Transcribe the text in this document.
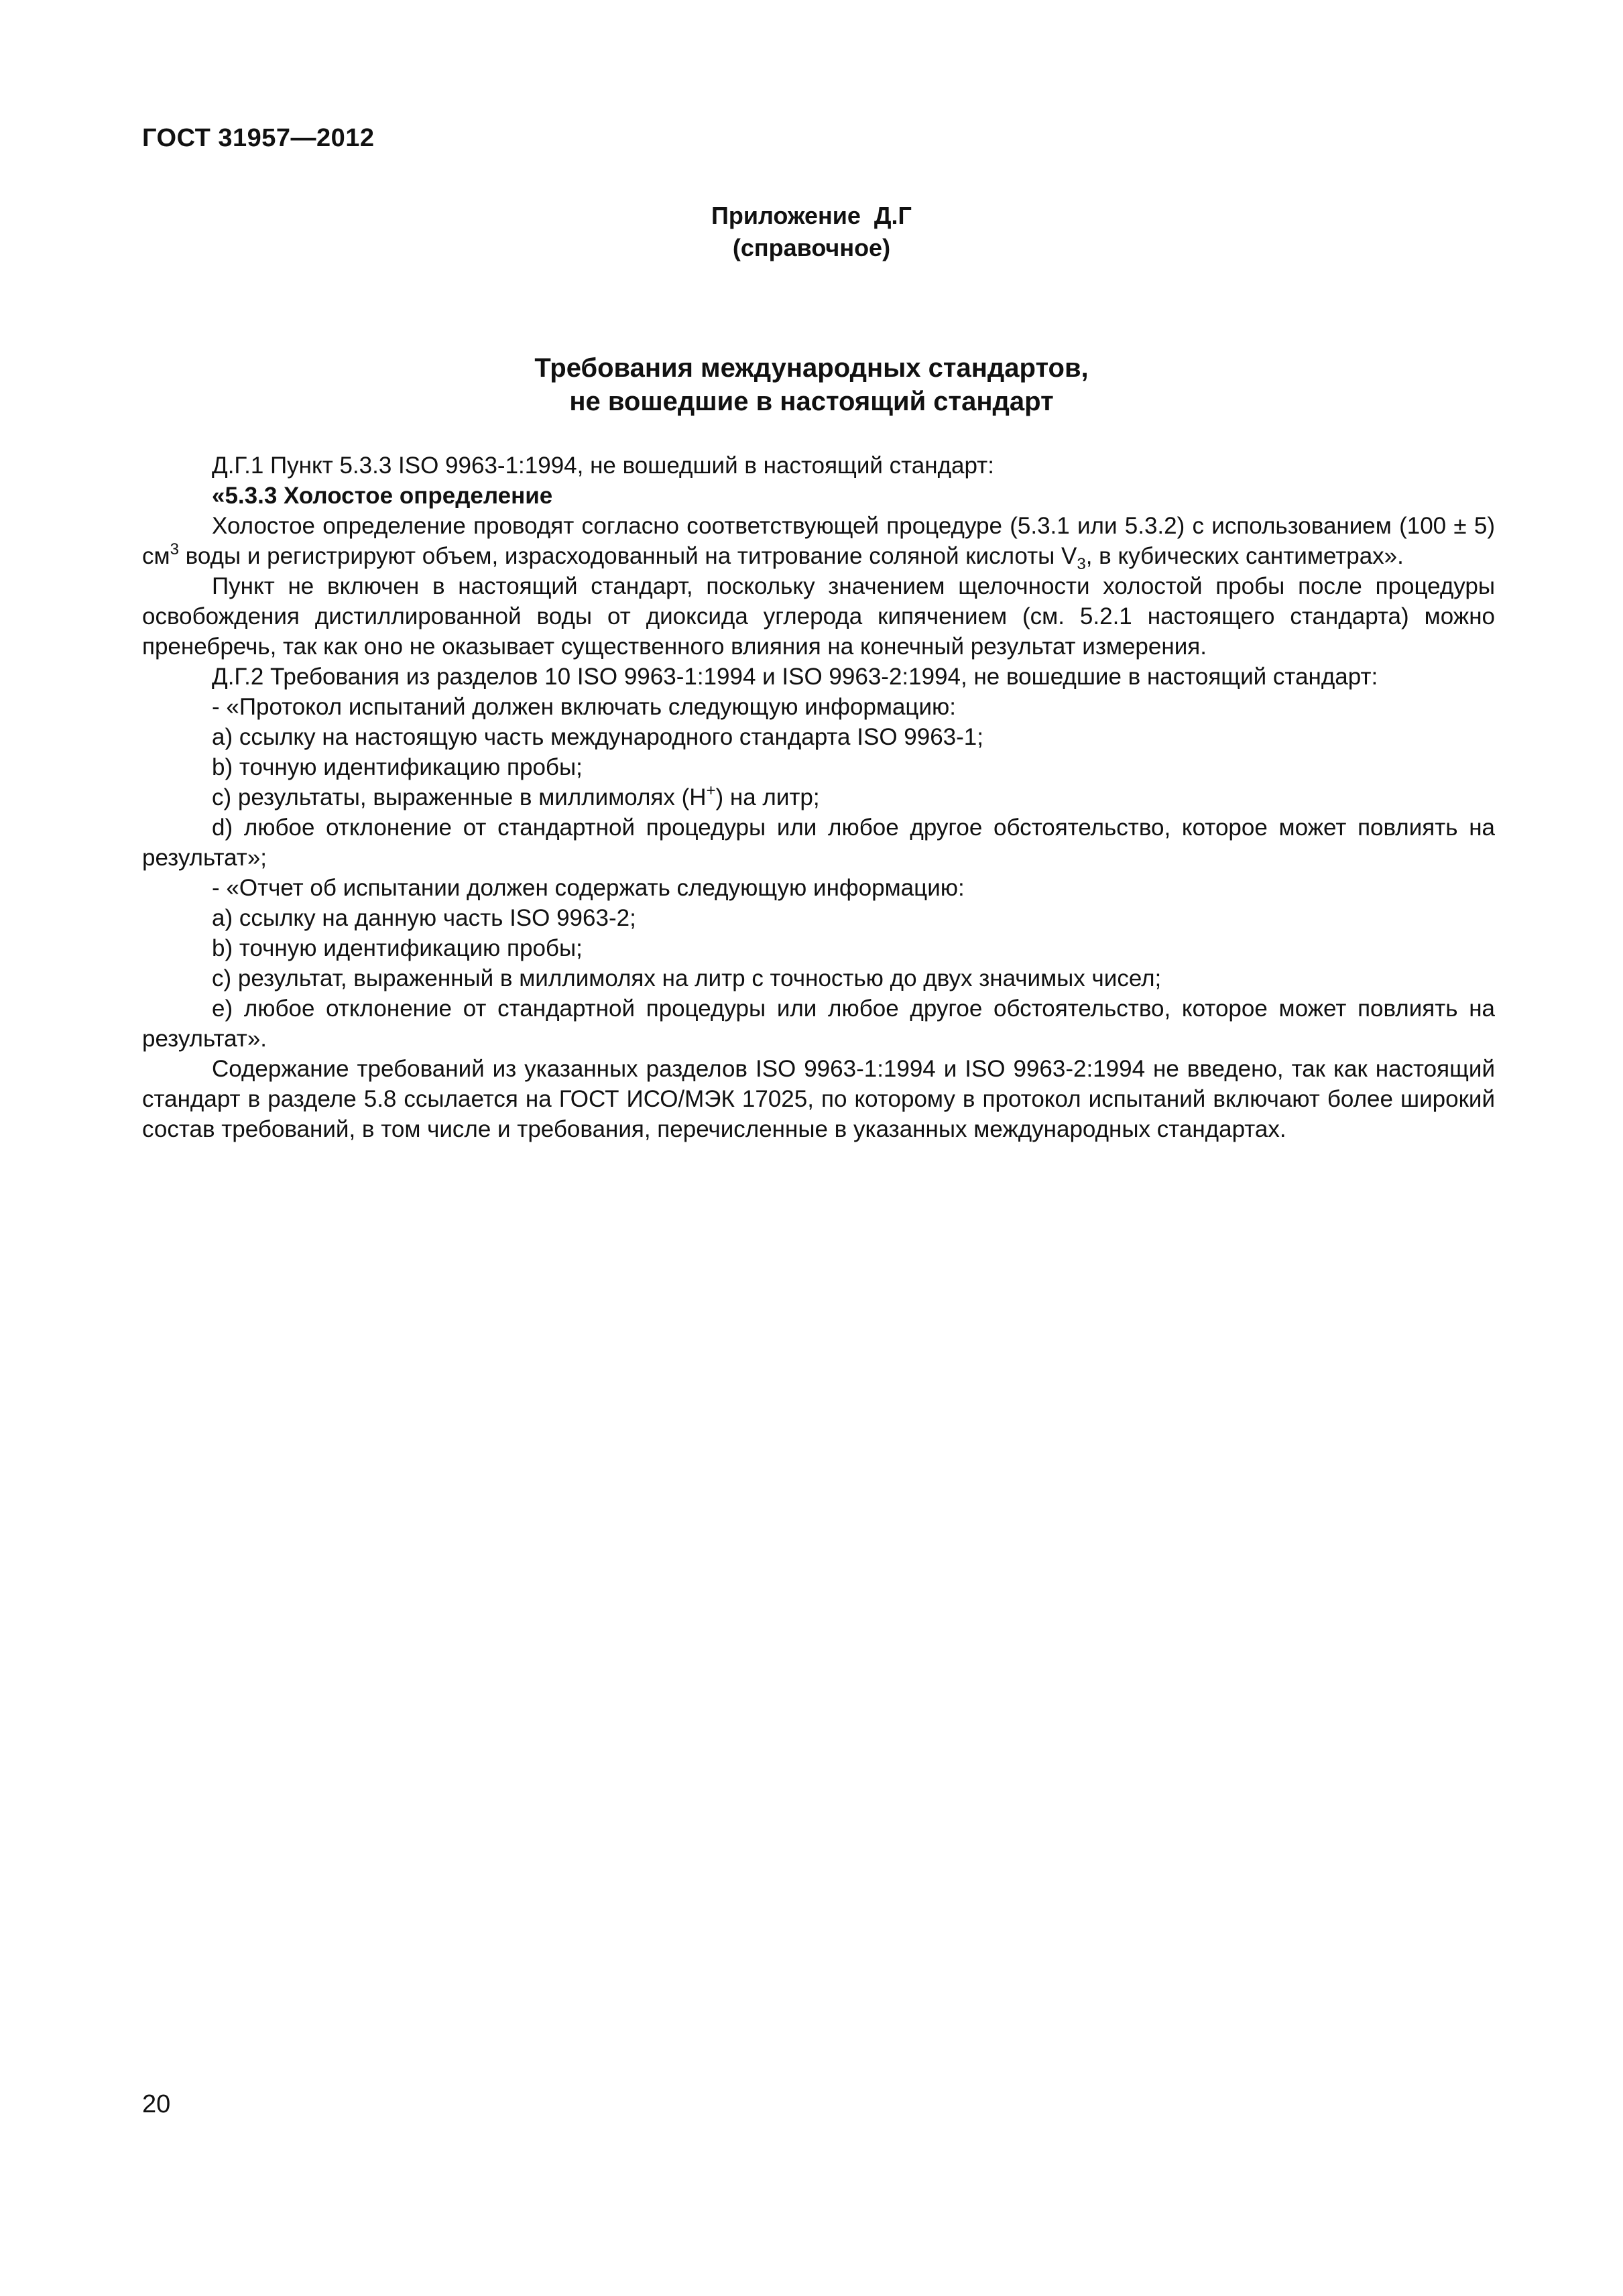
ГОСТ 31957—2012
Приложение  Д.Г
(справочное)
Требования международных стандартов,
не вошедшие в настоящий стандарт

Д.Г.1 Пункт 5.3.3 ISO 9963-1:1994, не вошедший в настоящий стандарт:

«5.3.3 Холостое определение

Холостое определение проводят согласно соответствующей процедуре (5.3.1 или 5.3.2) с использованием (100 ± 5) $см^3$ воды и регистрируют объем, израсходованный на титрование соляной кислоты $V_3$, в кубических сантиметрах».

Пункт не включен в настоящий стандарт, поскольку значением щелочности холостой пробы после процедуры освобождения дистиллированной воды от диоксида углерода кипячением (см. 5.2.1 настоящего стандарта) можно пренебречь, так как оно не оказывает существенного влияния на конечный результат измерения.

Д.Г.2 Требования из разделов 10 ISO 9963-1:1994 и ISO 9963-2:1994, не вошедшие в настоящий стандарт:

- «Протокол испытаний должен включать следующую информацию:

a) ссылку на настоящую часть международного стандарта ISO 9963-1;

b) точную идентификацию пробы;

c) результаты, выраженные в миллимолях (H+) на литр;

d) любое отклонение от стандартной процедуры или любое другое обстоятельство, которое может повлиять на результат»;

- «Отчет об испытании должен содержать следующую информацию:

a) ссылку на данную часть ISO 9963-2;

b) точную идентификацию пробы;

c) результат, выраженный в миллимолях на литр с точностью до двух значимых чисел;

e) любое отклонение от стандартной процедуры или любое другое обстоятельство, которое может повлиять на результат».

Содержание требований из указанных разделов ISO 9963-1:1994 и ISO 9963-2:1994 не введено, так как настоящий стандарт в разделе 5.8 ссылается на ГОСТ ИСО/МЭК 17025, по которому в протокол испытаний включают более широкий состав требований, в том числе и требования, перечисленные в указанных международных стандартах.

20
